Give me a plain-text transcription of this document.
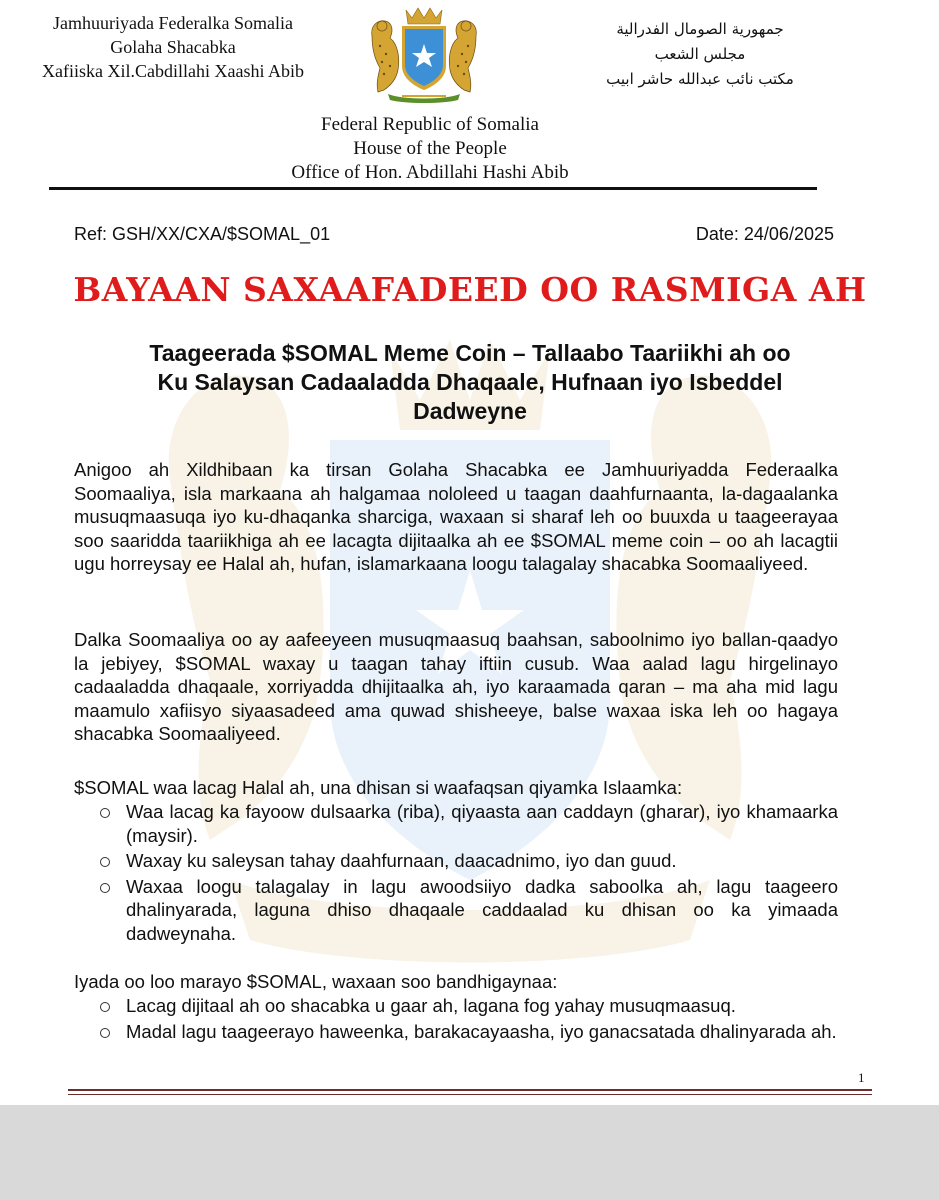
Jamhuuriyada Federalka Somalia
Golaha Shacabka
Xafiiska Xil.Cabdillahi Xaashi Abib
جمهورية الصومال الفدرالية
مجلس الشعب
مكتب نائب عبدالله حاشر ابيب
Federal Republic of Somalia
House of the People
Office of Hon. Abdillahi Hashi Abib
Ref: GSH/XX/CXA/$SOMAL_01	Date: 24/06/2025
BAYAAN SAXAAFADEED OO RASMIGA AH
Taageerada $SOMAL Meme Coin – Tallaabo Taariikhi ah oo
Ku Salaysan Cadaaladda Dhaqaale, Hufnaan iyo Isbeddel
Dadweyne
Anigoo ah Xildhibaan ka tirsan Golaha Shacabka ee Jamhuuriyadda Federaalka Soomaaliya, isla markaana ah halgamaa nololeed u taagan daahfurnaanta, la-dagaalanka musuqmaasuqa iyo ku-dhaqanka sharciga, waxaan si sharaf leh oo buuxda u taageerayaa soo saaridda taariikhiga ah ee lacagta dijitaalka ah ee $SOMAL meme coin – oo ah lacagtii ugu horreysay ee Halal ah, hufan, islamarkaana loogu talagalay shacabka Soomaaliyeed.
Dalka Soomaaliya oo ay aafeeyeen musuqmaasuq baahsan, saboolnimo iyo ballan-qaadyo la jebiyey, $SOMAL waxay u taagan tahay iftiin cusub. Waa aalad lagu hirgelinayo cadaaladda dhaqaale, xorriyadda dhijitaalka ah, iyo karaamada qaran – ma aha mid lagu maamulo xafiisyo siyaasadeed ama quwad shisheeye, balse waxaa iska leh oo hagaya shacabka Soomaaliyeed.
$SOMAL waa lacag Halal ah, una dhisan si waafaqsan qiyamka Islaamka:
Waa lacag ka fayoow dulsaarka (riba), qiyaasta aan caddayn (gharar), iyo khamaarka (maysir).
Waxay ku saleysan tahay daahfurnaan, daacadnimo, iyo dan guud.
Waxaa loogu talagalay in lagu awoodsiiyo dadka saboolka ah, lagu taageero dhalinyarada, laguna dhiso dhaqaale caddaalad ku dhisan oo ka yimaada dadweynaha.
Iyada oo loo marayo $SOMAL, waxaan soo bandhigaynaa:
Lacag dijitaal ah oo shacabka u gaar ah, lagana fog yahay musuqmaasuq.
Madal lagu taageerayo haweenka, barakacayaasha, iyo ganacsatada dhalinyarada ah.
1
